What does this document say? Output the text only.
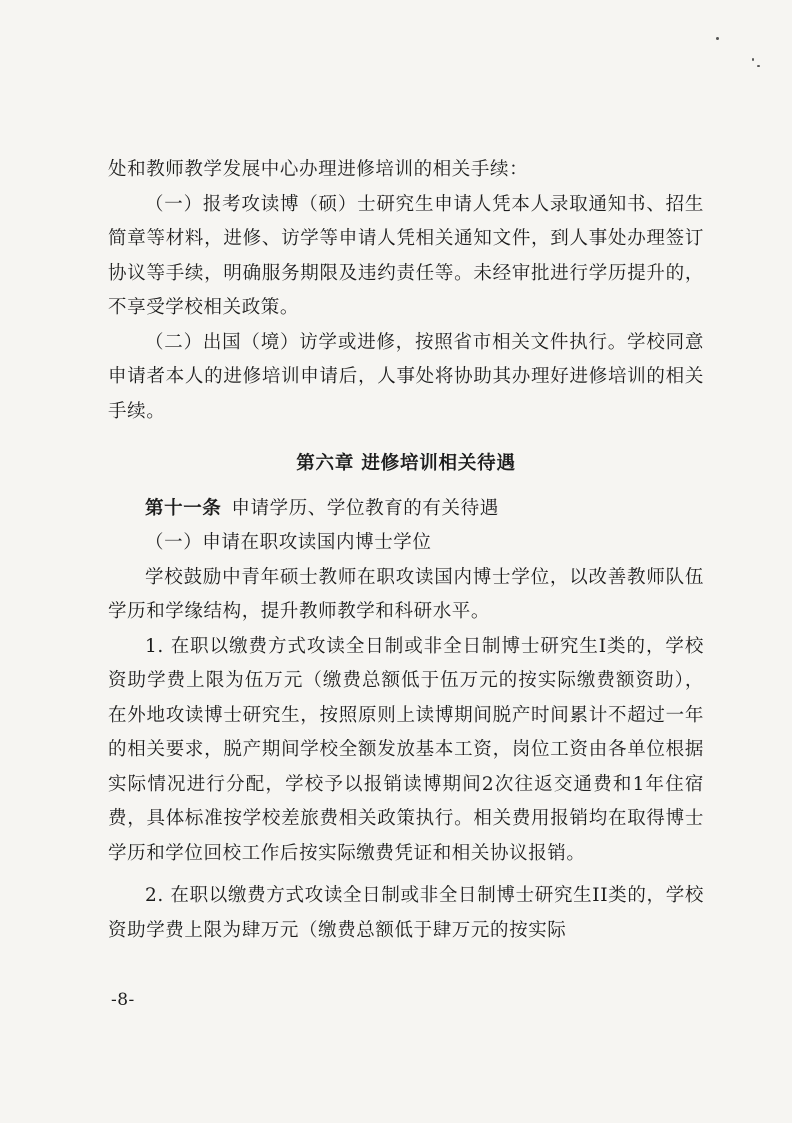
处和教师教学发展中心办理进修培训的相关手续：

（一）报考攻读博（硕）士研究生申请人凭本人录取通知书、招生简章等材料，进修、访学等申请人凭相关通知文件，到人事处办理签订协议等手续，明确服务期限及违约责任等。未经审批进行学历提升的，不享受学校相关政策。

（二）出国（境）访学或进修，按照省市相关文件执行。学校同意申请者本人的进修培训申请后，人事处将协助其办理好进修培训的相关手续。

第六章 进修培训相关待遇

第十一条 申请学历、学位教育的有关待遇

（一）申请在职攻读国内博士学位

学校鼓励中青年硕士教师在职攻读国内博士学位，以改善教师队伍学历和学缘结构，提升教师教学和科研水平。

1. 在职以缴费方式攻读全日制或非全日制博士研究生Ⅰ类的，学校资助学费上限为伍万元（缴费总额低于伍万元的按实际缴费额资助），在外地攻读博士研究生，按照原则上读博期间脱产时间累计不超过一年的相关要求，脱产期间学校全额发放基本工资，岗位工资由各单位根据实际情况进行分配，学校予以报销读博期间2次往返交通费和1年住宿费，具体标准按学校差旅费相关政策执行。相关费用报销均在取得博士学历和学位回校工作后按实际缴费凭证和相关协议报销。

2. 在职以缴费方式攻读全日制或非全日制博士研究生II类的，学校资助学费上限为肆万元（缴费总额低于肆万元的按实际

-8-
